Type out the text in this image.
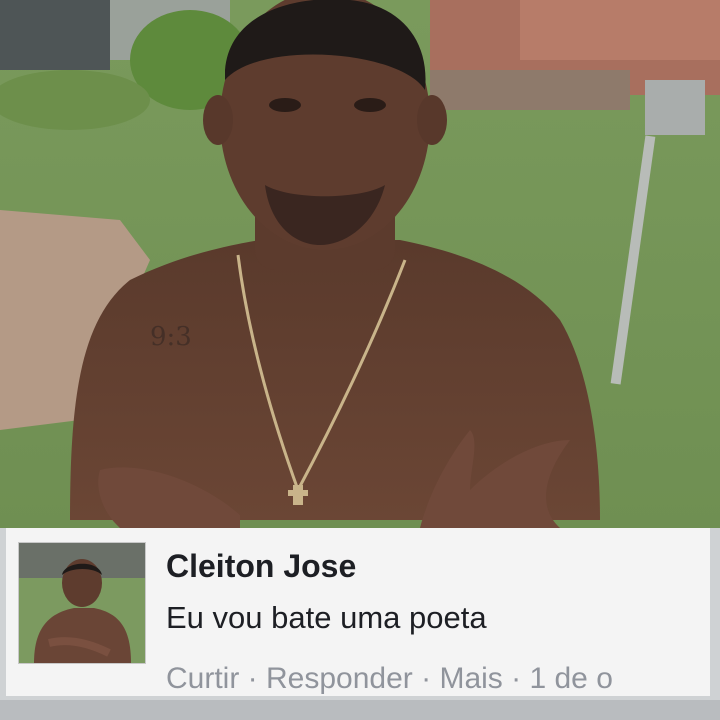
9:3
Cleiton Jose
Eu vou bate uma poeta
Curtir · Responder · Mais · 1 de o
